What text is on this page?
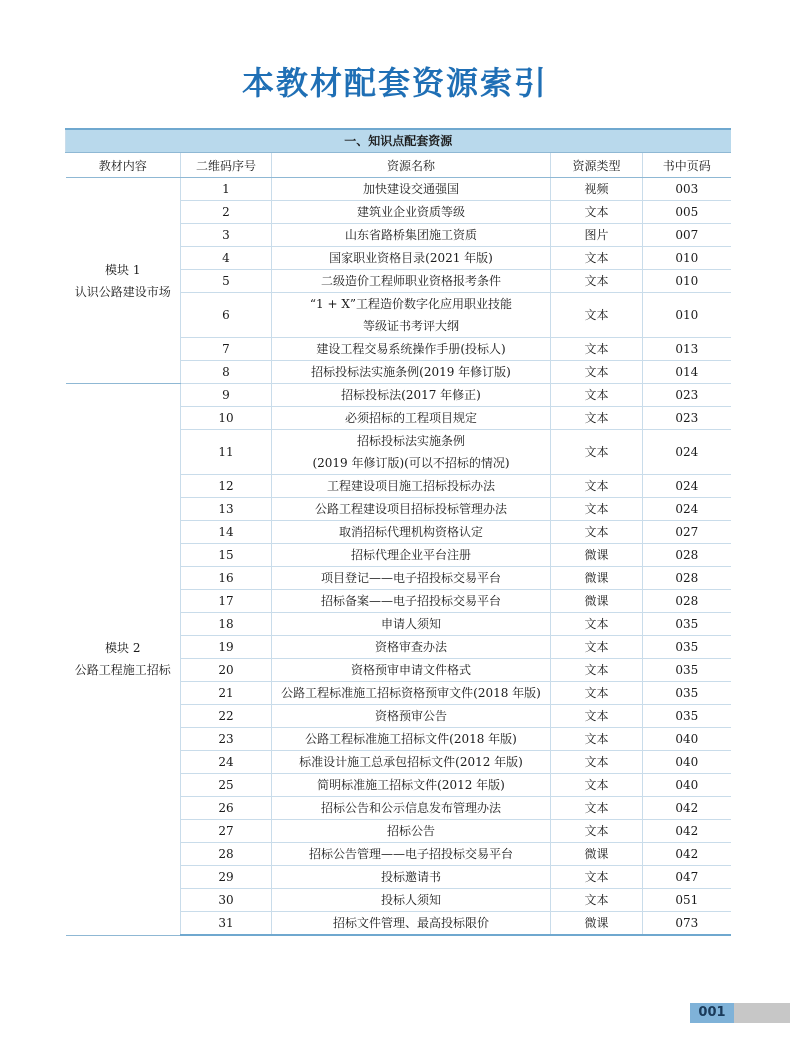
本教材配套资源索引
一、知识点配套资源				
教材内容	二维码序号	资源名称	资源类型	书中页码

模块 1
认识公路建设市场	1	加快建设交通强国	视频	003
	2	建筑业企业资质等级	文本	005
	3	山东省路桥集团施工资质	图片	007
	4	国家职业资格目录(2021 年版)	文本	010
	5	二级造价工程师职业资格报考条件	文本	010
	6	“1 + X”工程造价数字化应用职业技能
等级证书考评大纲	文本	010
	7	建设工程交易系统操作手册(投标人)	文本	013
	8	招标投标法实施条例(2019 年修订版)	文本	014

模块 2
公路工程施工招标	9	招标投标法(2017 年修正)	文本	023
	10	必须招标的工程项目规定	文本	023
	11	招标投标法实施条例
(2019 年修订版)(可以不招标的情况)	文本	024
	12	工程建设项目施工招标投标办法	文本	024
	13	公路工程建设项目招标投标管理办法	文本	024
	14	取消招标代理机构资格认定	文本	027
	15	招标代理企业平台注册	微课	028
	16	项目登记——电子招投标交易平台	微课	028
	17	招标备案——电子招投标交易平台	微课	028
	18	申请人须知	文本	035
	19	资格审查办法	文本	035
	20	资格预审申请文件格式	文本	035
	21	公路工程标准施工招标资格预审文件(2018 年版)	文本	035
	22	资格预审公告	文本	035
	23	公路工程标准施工招标文件(2018 年版)	文本	040
	24	标准设计施工总承包招标文件(2012 年版)	文本	040
	25	简明标准施工招标文件(2012 年版)	文本	040
	26	招标公告和公示信息发布管理办法	文本	042
	27	招标公告	文本	042
	28	招标公告管理——电子招投标交易平台	微课	042
	29	投标邀请书	文本	047
	30	投标人须知	文本	051
	31	招标文件管理、最高投标限价	微课	073
001
